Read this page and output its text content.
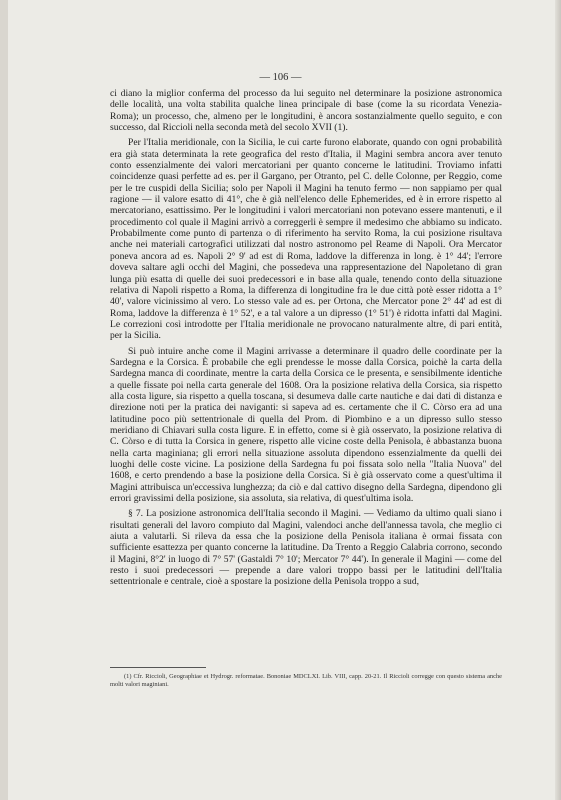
— 106 —

ci diano la miglior conferma del processo da lui seguito nel determinare la posizione astronomica delle località, una volta stabilita qualche linea principale di base (come la su ricordata Venezia-Roma); un processo, che, almeno per le longitudini, è ancora sostanzialmente quello seguito, e con successo, dal Riccioli nella seconda metà del secolo XVII (1).

Per l'Italia meridionale, con la Sicilia, le cui carte furono elaborate, quando con ogni probabilità era già stata determinata la rete geografica del resto d'Italia, il Magini sembra ancora aver tenuto conto essenzialmente dei valori mercatoriani per quanto concerne le latitudini. Troviamo infatti coincidenze quasi perfette ad es. per il Gargano, per Otranto, pel C. delle Colonne, per Reggio, come per le tre cuspidi della Sicilia; solo per Napoli il Magini ha tenuto fermo — non sappiamo per qual ragione — il valore esatto di 41°, che è già nell'elenco delle Ephemerides, ed è in errore rispetto al mercatoriano, esattissimo. Per le longitudini i valori mercatoriani non potevano essere mantenuti, e il procedimento col quale il Magini arrivò a correggerli è sempre il medesimo che abbiamo su indicato. Probabilmente come punto di partenza o di riferimento ha servito Roma, la cui posizione risultava anche nei materiali cartografici utilizzati dal nostro astronomo pel Reame di Napoli. Ora Mercator poneva ancora ad es. Napoli 2° 9' ad est di Roma, laddove la differenza in long. è 1° 44'; l'errore doveva saltare agli occhi del Magini, che possedeva una rappresentazione del Napoletano di gran lunga più esatta di quelle dei suoi predecessori e in base alla quale, tenendo conto della situazione relativa di Napoli rispetto a Roma, la differenza di longitudine fra le due città potè esser ridotta a 1° 40', valore vicinissimo al vero. Lo stesso vale ad es. per Ortona, che Mercator pone 2° 44' ad est di Roma, laddove la differenza è 1° 52', e a tal valore a un dipresso (1° 51') è ridotta infatti dal Magini. Le correzioni così introdotte per l'Italia meridionale ne provocano naturalmente altre, di pari entità, per la Sicilia.

Si può intuire anche come il Magini arrivasse a determinare il quadro delle coordinate per la Sardegna e la Corsica. È probabile che egli prendesse le mosse dalla Corsica, poichè la carta della Sardegna manca di coordinate, mentre la carta della Corsica ce le presenta, e sensibilmente identiche a quelle fissate poi nella carta generale del 1608. Ora la posizione relativa della Corsica, sia rispetto alla costa ligure, sia rispetto a quella toscana, si desumeva dalle carte nautiche e dai dati di distanza e direzione noti per la pratica dei naviganti: si sapeva ad es. certamente che il C. Còrso era ad una latitudine poco più settentrionale di quella del Prom. di Piombino e a un dipresso sullo stesso meridiano di Chiavari sulla costa ligure. E in effetto, come si è già osservato, la posizione relativa di C. Còrso e di tutta la Corsica in genere, rispetto alle vicine coste della Penisola, è abbastanza buona nella carta maginiana; gli errori nella situazione assoluta dipendono essenzialmente da quelli dei luoghi delle coste vicine. La posizione della Sardegna fu poi fissata solo nella "Italia Nuova" del 1608, e certo prendendo a base la posizione della Corsica. Si è già osservato come a quest'ultima il Magini attribuisca un'eccessiva lunghezza; da ciò e dal cattivo disegno della Sardegna, dipendono gli errori gravissimi della posizione, sia assoluta, sia relativa, di quest'ultima isola.

§ 7. La posizione astronomica dell'Italia secondo il Magini. — Vediamo da ultimo quali siano i risultati generali del lavoro compiuto dal Magini, valendoci anche dell'annessa tavola, che meglio ci aiuta a valutarli. Si rileva da essa che la posizione della Penisola italiana è ormai fissata con sufficiente esattezza per quanto concerne la latitudine. Da Trento a Reggio Calabria corrono, secondo il Magini, 8°2' in luogo di 7° 57' (Gastaldi 7° 10'; Mercator 7° 44'). In generale il Magini — come del resto i suoi predecessori — prepende a dare valori troppo bassi per le latitudini dell'Italia settentrionale e centrale, cioè a spostare la posizione della Penisola troppo a sud,

(1) Cfr. Riccioli, Geographiae et Hydrogr. reformatae. Bononiae MDCLXI. Lib. VIII, capp. 20-21. Il Riccioli corregge con questo sistema anche molti valori maginiani.
